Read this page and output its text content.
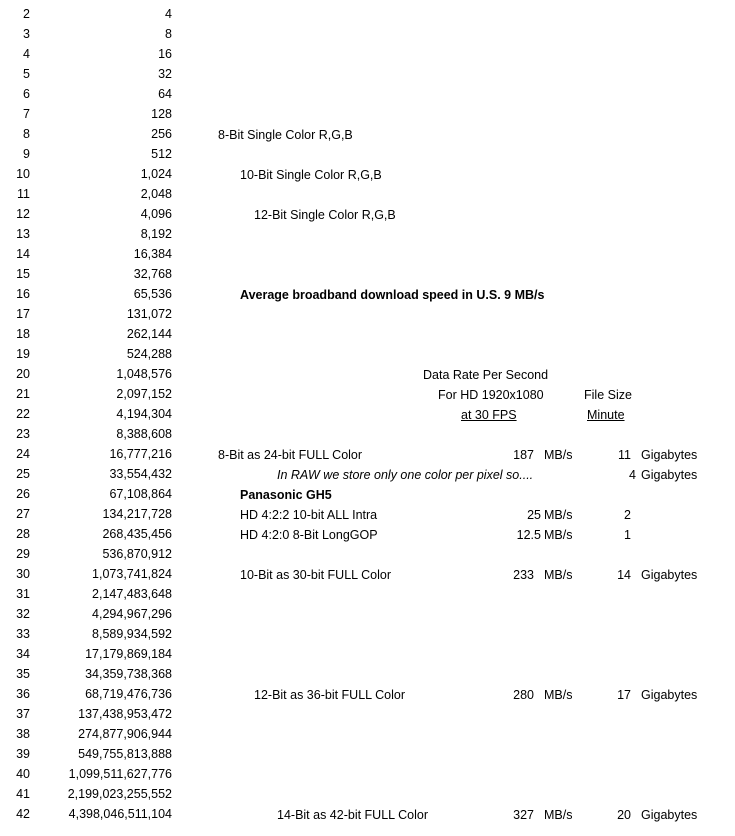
2	4
3	8
4	16
5	32
6	64
7	128
8	256
9	512
10	1,024
11	2,048
12	4,096
13	8,192
14	16,384
15	32,768
16	65,536
17	131,072
18	262,144
19	524,288
20	1,048,576
21	2,097,152
22	4,194,304
23	8,388,608
24	16,777,216
25	33,554,432
26	67,108,864
27	134,217,728
28	268,435,456
29	536,870,912
30	1,073,741,824
31	2,147,483,648
32	4,294,967,296
33	8,589,934,592
34	17,179,869,184
35	34,359,738,368
36	68,719,476,736
37	137,438,953,472
38	274,877,906,944
39	549,755,813,888
40	1,099,511,627,776
41	2,199,023,255,552
42	4,398,046,511,104
8-Bit Single Color R,G,B
10-Bit Single Color R,G,B
12-Bit Single Color R,G,B
Average broadband download speed in U.S. 9 MB/s
Data Rate Per Second
For HD 1920x1080	File Size
at 30 FPS	Minute
8-Bit as 24-bit FULL Color	187 MB/s	11 Gigabytes
In RAW we store only one color per pixel so....	4 Gigabytes
Panasonic GH5
HD 4:2:2 10-bit ALL Intra	25 MB/s	2
HD 4:2:0 8-Bit LongGOP	12.5 MB/s	1
10-Bit as 30-bit FULL Color	233 MB/s	14 Gigabytes
12-Bit as 36-bit FULL Color	280 MB/s	17 Gigabytes
14-Bit as 42-bit FULL Color	327 MB/s	20 Gigabytes
